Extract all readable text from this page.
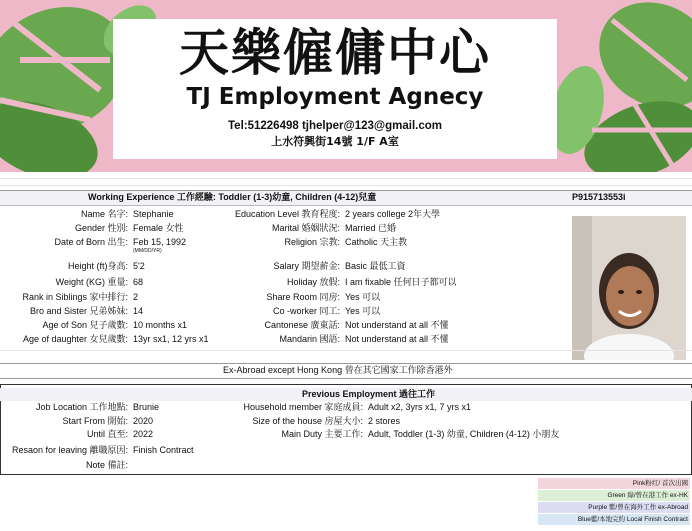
天樂僱傭中心
TJ Employment Agnecy
Tel:51226498 tjhelper@123@gmail.com
上水符興街14號 1/F A室
Working Experience 工作經驗: Toddler (1-3)幼童, Children (4-12)兒童	P915713553i
Name 名字: Stephanie	Education Level 教育程度: 2 years college 2年大學
Gender 性別: Female 女性	Marital 婚姻狀況: Married 已婚
Date of Born 出生: Feb 15, 1992	Religion 宗教: Catholic 天主教
(MM/DD/YR)
Height (ft)身高: 5'2	Salary 期望薪金: Basic 最低工資
Weight (KG) 重量: 68	Holiday 放假: I am fixable 任何日子都可以
Rank in Siblings 家中排行: 2	Share Room 同房: Yes 可以
Bro and Sister 兄弟姊妹: 14	Co -worker 同工: Yes 可以
Age of Son 兒子歲數: 10 months x1	Cantonese 廣東話: Not understand at all 不懂
Age of daughter 女兒歲數: 13yr sx1, 12 yrs x1	Mandarin 國語: Not understand at all 不懂
Ex-Abroad except Hong Kong 曾在其它國家工作除香港外
Previous Employment 過往工作
Job Location 工作地點: Brunie	Household member 家庭成員: Adult x2, 3yrs x1, 7 yrs x1
Start From 開始: 2020	Size of the house 房屋大小: 2 stores
Until 直至: 2022	Main Duty 主要工作: Adult, Toddler (1-3) 幼童, Children (4-12) 小朋友
Resaon for leaving 離職原因: Finish Contract
Note 備註:
Pink粉红/ 首次出國
Green 綠/曾在港工作 ex-HK
Purple 紫/曾在海外工作 ex-Abroad
Blue藍/本地完約 Local Finish Contract
